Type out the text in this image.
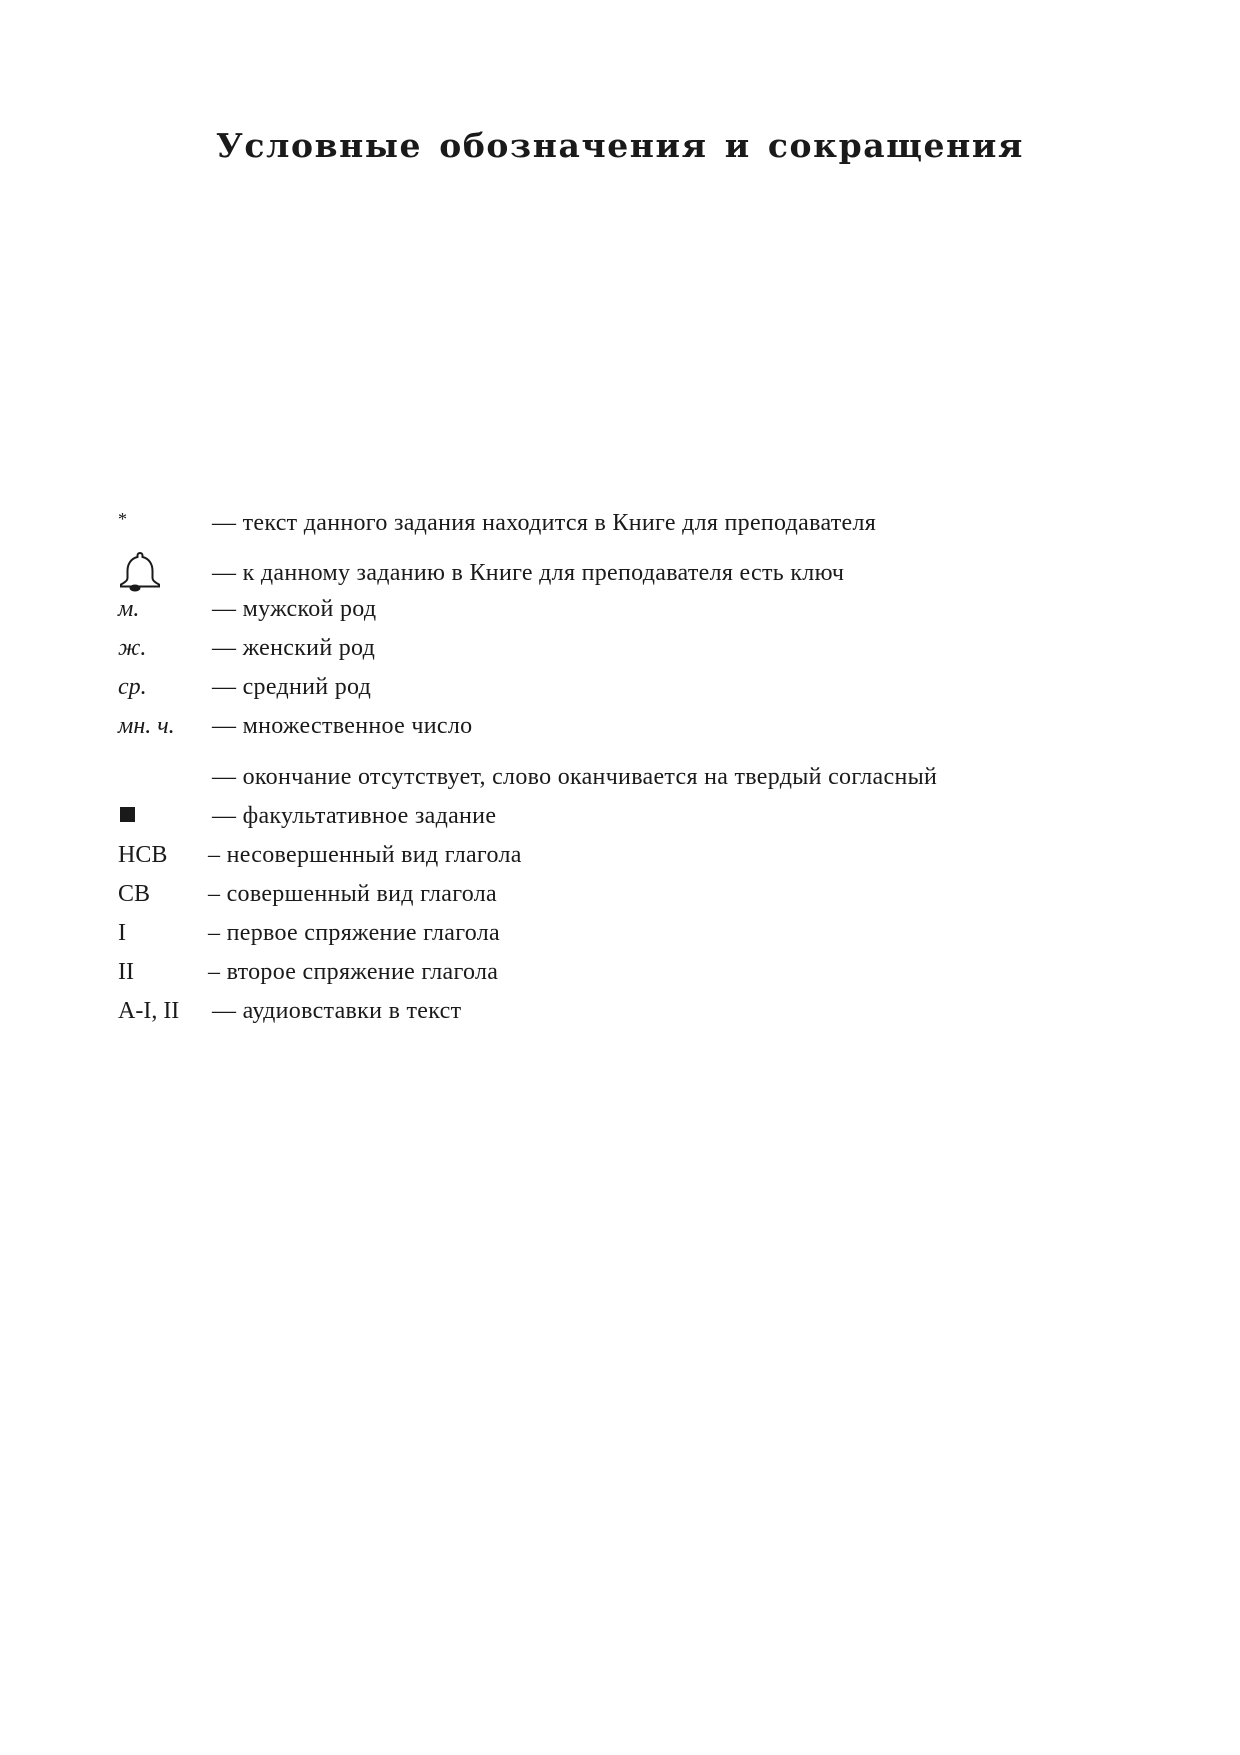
Условные обозначения и сокращения
*	— текст данного задания находится в Книге для преподавателя
— к данному заданию в Книге для преподавателя есть ключ
м.	— мужской род
ж.	— женский род
ср.	— средний род
мн. ч. — множественное число
— окончание отсутствует, слово оканчивается на твердый согласный
— факультативное задание
НСВ – несовершенный вид глагола
СВ – совершенный вид глагола
I	– первое спряжение глагола
II	– второе спряжение глагола
A-I, II — аудиовставки в текст
